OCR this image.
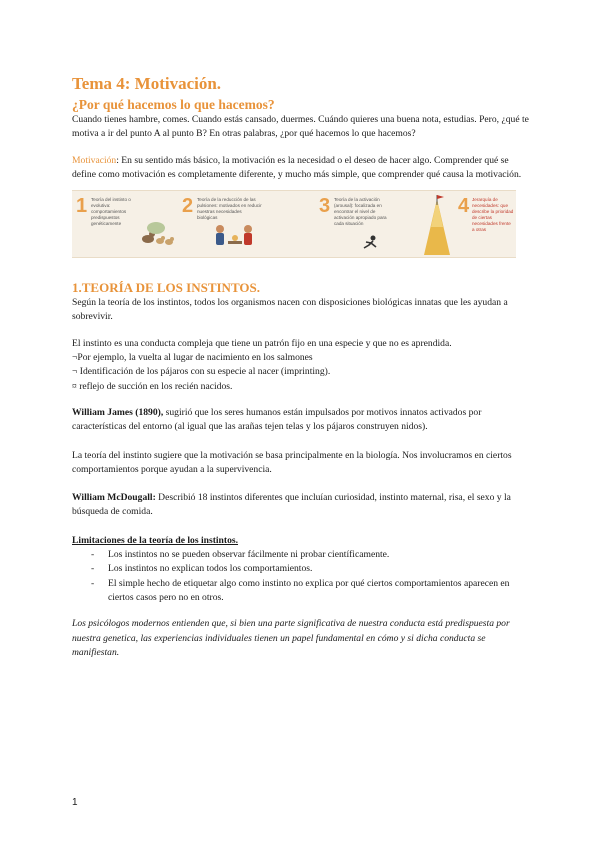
Tema 4: Motivación.
¿Por qué hacemos lo que hacemos?

Cuando tienes hambre, comes. Cuando estás cansado, duermes. Cuándo quieres una buena nota, estudias. Pero, ¿qué te motiva a ir del punto A al punto B? En otras palabras, ¿por qué hacemos lo que hacemos?

Motivación: En su sentido más básico, la motivación es la necesidad o el deseo de hacer algo. Comprender qué se define como motivación es completamente diferente, y mucho más simple, que comprender qué causa la motivación.

1 Teoría del instinto o evolutiva: comportamientos predispuestos genéticamente
2 Teoría de la reducción de las pulsiones: motivados en reducir nuestras necesidades biológicas
3 Teoría de la activación (arousal): focalizada en encontrar el nivel de activación apropiado para cada situación
4 Jerarquía de necesidades: que describe la prioridad de ciertas necesidades frente a otras
1.TEORÍA DE LOS INSTINTOS.

Según la teoría de los instintos, todos los organismos nacen con disposiciones biológicas innatas que les ayudan a sobrevivir.

El instinto es una conducta compleja que tiene un patrón fijo en una especie y que no es aprendida.

¬Por ejemplo, la vuelta al lugar de nacimiento en los salmones

¬ Identificación de los pájaros con su especie al nacer (imprinting).

¤ reflejo de succión en los recién nacidos.

William James (1890), sugirió que los seres humanos están impulsados por motivos innatos activados por características del entorno (al igual que las arañas tejen telas y los pájaros construyen nidos).

La teoría del instinto sugiere que la motivación se basa principalmente en la biología. Nos involucramos en ciertos comportamientos porque ayudan a la supervivencia.

William McDougall: Describió 18 instintos diferentes que incluían curiosidad, instinto maternal, risa, el sexo y la búsqueda de comida.

Limitaciones de la teoría de los instintos.

- Los instintos no se pueden observar fácilmente ni probar científicamente.
- Los instintos no explican todos los comportamientos.
- El simple hecho de etiquetar algo como instinto no explica por qué ciertos comportamientos aparecen en ciertos casos pero no en otros.

Los psicólogos modernos entienden que, si bien una parte significativa de nuestra conducta está predispuesta por nuestra genetica, las experiencias individuales tienen un papel fundamental en cómo y si dicha conducta se manifiestan.

1
